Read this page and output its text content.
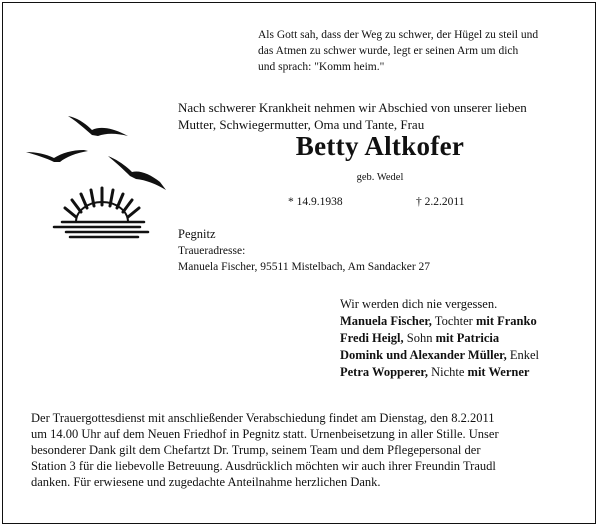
Als Gott sah, dass der Weg zu schwer, der Hügel zu steil und
das Atmen zu schwer wurde, legt er seinen Arm um dich
und sprach: "Komm heim."
Nach schwerer Krankheit nehmen wir Abschied von unserer lieben
Mutter, Schwiegermutter, Oma und Tante, Frau
Betty Altkofer
geb. Wedel
* 14.9.1938	† 2.2.2011
Pegnitz
Traueradresse:
Manuela Fischer, 95511 Mistelbach, Am Sandacker 27
Wir werden dich nie vergessen.
Manuela Fischer, Tochter mit Franko
Fredi Heigl, Sohn mit Patricia
Domink und Alexander Müller, Enkel
Petra Wopperer, Nichte mit Werner
Der Trauergottesdienst mit anschließender Verabschiedung findet am Dienstag, den 8.2.2011
um 14.00 Uhr auf dem Neuen Friedhof in Pegnitz statt. Urnenbeisetzung in aller Stille. Unser
besonderer Dank gilt dem Chefartzt Dr. Trump, seinem Team und dem Pflegepersonal der
Station 3 für die liebevolle Betreuung. Ausdrücklich möchten wir auch ihrer Freundin Traudl
danken. Für erwiesene und zugedachte Anteilnahme herzlichen Dank.
